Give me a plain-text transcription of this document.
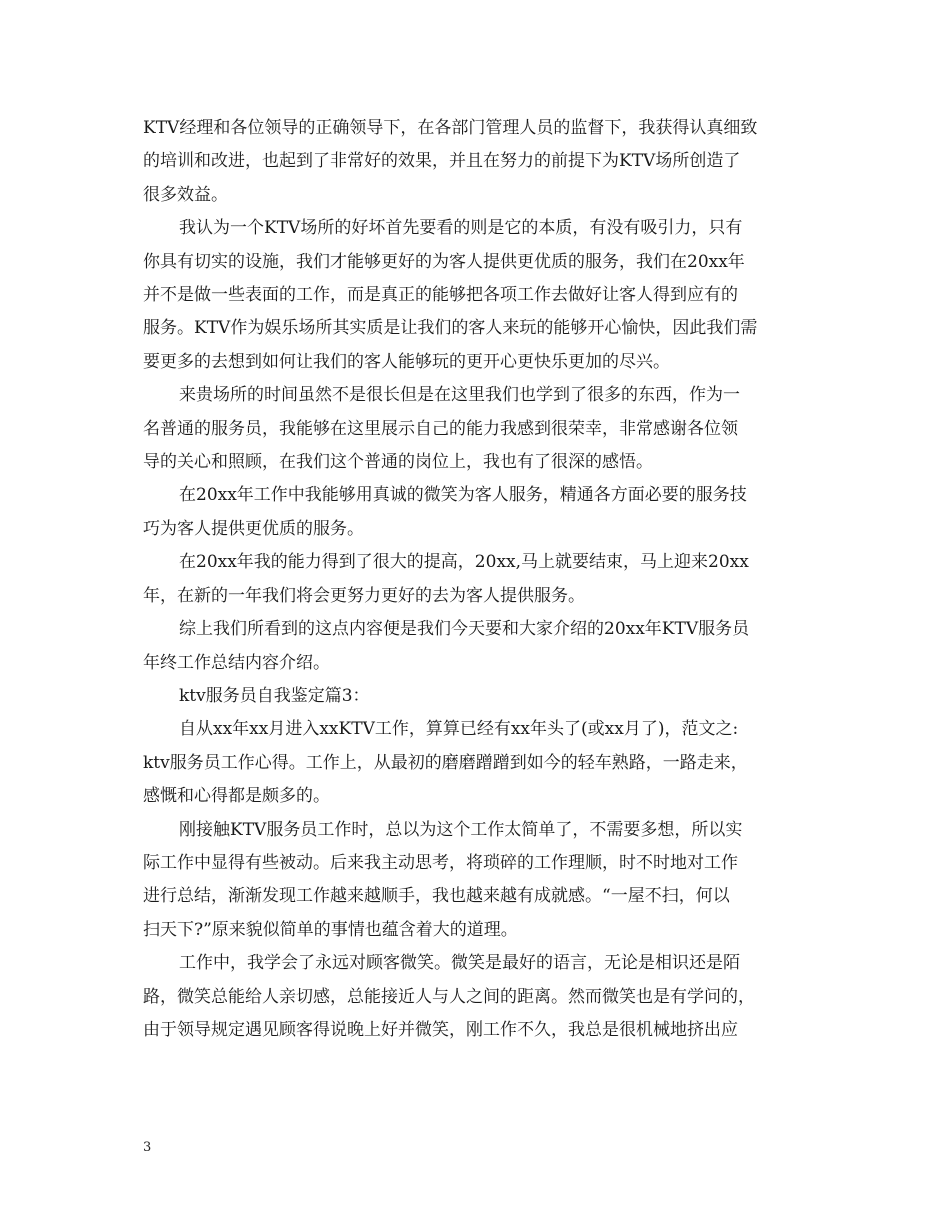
KTV经理和各位领导的正确领导下，在各部门管理人员的监督下，我获得认真细致

的培训和改进，也起到了非常好的效果，并且在努力的前提下为KTV场所创造了

很多效益。

我认为一个KTV场所的好坏首先要看的则是它的本质，有没有吸引力，只有

你具有切实的设施，我们才能够更好的为客人提供更优质的服务，我们在20xx年

并不是做一些表面的工作，而是真正的能够把各项工作去做好让客人得到应有的

服务。KTV作为娱乐场所其实质是让我们的客人来玩的能够开心愉快，因此我们需

要更多的去想到如何让我们的客人能够玩的更开心更快乐更加的尽兴。

来贵场所的时间虽然不是很长但是在这里我们也学到了很多的东西，作为一

名普通的服务员，我能够在这里展示自己的能力我感到很荣幸，非常感谢各位领

导的关心和照顾，在我们这个普通的岗位上，我也有了很深的感悟。

在20xx年工作中我能够用真诚的微笑为客人服务，精通各方面必要的服务技

巧为客人提供更优质的服务。

在20xx年我的能力得到了很大的提高，20xx,马上就要结束，马上迎来20xx

年，在新的一年我们将会更努力更好的去为客人提供服务。

综上我们所看到的这点内容便是我们今天要和大家介绍的20xx年KTV服务员

年终工作总结内容介绍。

ktv服务员自我鉴定篇3：

自从xx年xx月进入xxKTV工作，算算已经有xx年头了(或xx月了)，范文之:

ktv服务员工作心得。工作上，从最初的磨磨蹭蹭到如今的轻车熟路，一路走来，

感慨和心得都是颇多的。

刚接触KTV服务员工作时，总以为这个工作太简单了，不需要多想，所以实

际工作中显得有些被动。后来我主动思考，将琐碎的工作理顺，时不时地对工作

进行总结，渐渐发现工作越来越顺手，我也越来越有成就感。“一屋不扫，何以

扫天下?”原来貌似简单的事情也蕴含着大的道理。

工作中，我学会了永远对顾客微笑。微笑是最好的语言，无论是相识还是陌

路，微笑总能给人亲切感，总能接近人与人之间的距离。然而微笑也是有学问的，

由于领导规定遇见顾客得说晚上好并微笑，刚工作不久，我总是很机械地挤出应

3
